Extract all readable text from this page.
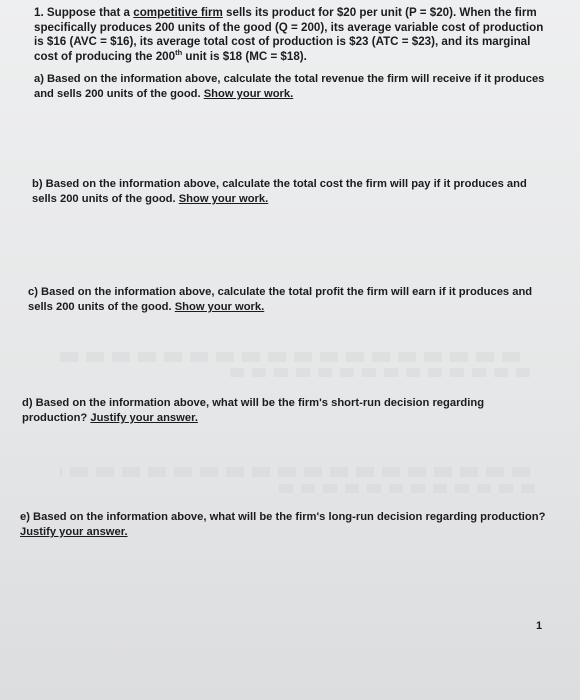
1. Suppose that a competitive firm sells its product for $20 per unit (P = $20). When the firm specifically produces 200 units of the good (Q = 200), its average variable cost of production is $16 (AVC = $16), its average total cost of production is $23 (ATC = $23), and its marginal cost of producing the 200th unit is $18 (MC = $18).
a) Based on the information above, calculate the total revenue the firm will receive if it produces and sells 200 units of the good. Show your work.
b) Based on the information above, calculate the total cost the firm will pay if it produces and sells 200 units of the good. Show your work.
c) Based on the information above, calculate the total profit the firm will earn if it produces and sells 200 units of the good. Show your work.
d) Based on the information above, what will be the firm's short-run decision regarding production? Justify your answer.
e) Based on the information above, what will be the firm's long-run decision regarding production? Justify your answer.
1
